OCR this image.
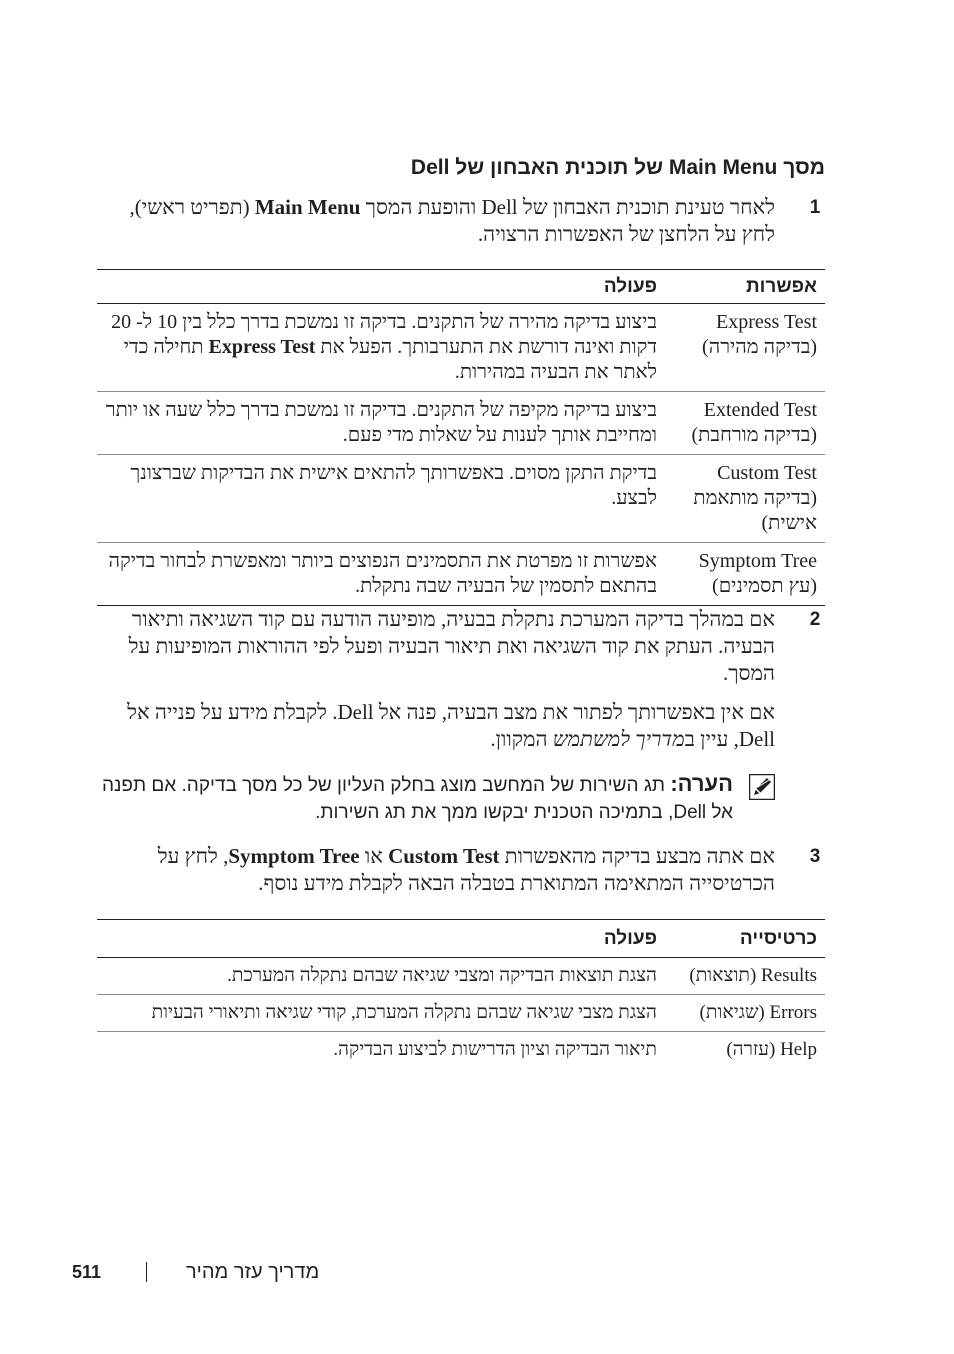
מסך Main Menu של תוכנית האבחון של Dell
1
לאחר טעינת תוכנית האבחון של Dell והופעת המסך Main Menu (תפריט ראשי), לחץ על הלחצן של האפשרות הרצויה.
אפשרות	פעולה
Express Test (בדיקה מהירה)	ביצוע בדיקה מהירה של התקנים. בדיקה זו נמשכת בדרך כלל בין 10 ל- 20 דקות ואינה דורשת את התערבותך. הפעל את Express Test תחילה כדי לאתר את הבעיה במהירות.
Extended Test (בדיקה מורחבת)	ביצוע בדיקה מקיפה של התקנים. בדיקה זו נמשכת בדרך כלל שעה או יותר ומחייבת אותך לענות על שאלות מדי פעם.
Custom Test (בדיקה מותאמת אישית)	בדיקת התקן מסוים. באפשרותך להתאים אישית את הבדיקות שברצונך לבצע.
Symptom Tree (עץ תסמינים)	אפשרות זו מפרטת את התסמינים הנפוצים ביותר ומאפשרת לבחור בדיקה בהתאם לתסמין של הבעיה שבה נתקלת.
2
אם במהלך בדיקה המערכת נתקלת בבעיה, מופיעה הודעה עם קוד השגיאה ותיאור הבעיה. העתק את קוד השגיאה ואת תיאור הבעיה ופעל לפי ההוראות המופיעות על המסך.
אם אין באפשרותך לפתור את מצב הבעיה, פנה אל Dell. לקבלת מידע על פנייה אל Dell, עיין במדריך למשתמש המקוון.
הערה: תג השירות של המחשב מוצג בחלק העליון של כל מסך בדיקה. אם תפנה אל Dell, בתמיכה הטכנית יבקשו ממך את תג השירות.
3
אם אתה מבצע בדיקה מהאפשרות Custom Test או Symptom Tree, לחץ על הכרטיסייה המתאימה המתוארת בטבלה הבאה לקבלת מידע נוסף.
כרטיסייה	פעולה
Results (תוצאות)	הצגת תוצאות הבדיקה ומצבי שגיאה שבהם נתקלה המערכת.
Errors (שגיאות)	הצגת מצבי שגיאה שבהם נתקלה המערכת, קודי שגיאה ותיאורי הבעיות
Help (עזרה)	תיאור הבדיקה וציון הדרישות לביצוע הבדיקה.
511	מדריך עזר מהיר
